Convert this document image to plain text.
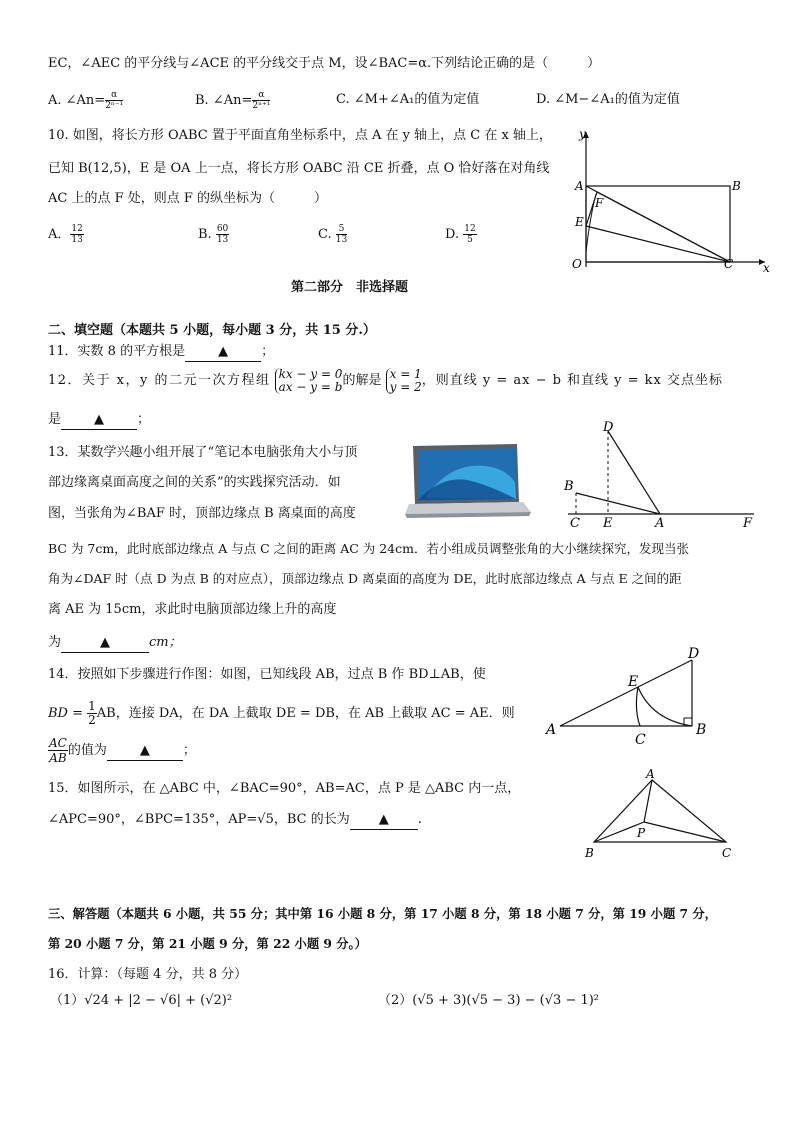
EC，∠AEC 的平分线与∠ACE 的平分线交于点 M，设∠BAC=α.下列结论正确的是（　　　）
A. ∠An= $\frac{\alpha}{\text{2ⁿ⁻¹}}$	B. ∠An= $\frac{\alpha}{\text{2ⁿ⁺¹}}$	C. ∠M+∠A₁的值为定值	D. ∠M−∠A₁的值为定值
10. 如图，将长方形 OABC 置于平面直角坐标系中，点 A 在 y 轴上，点 C 在 x 轴上，
已知 B(12,5)，E 是 OA 上一点，将长方形 OABC 沿 CE 折叠，点 O 恰好落在对角线
AC 上的点 F 处，则点 F 的纵坐标为（　　　）
A． $\frac{12}{13}$	B. $\frac{60}{13}$	C. $\frac{5}{13}$	D. $\frac{12}{5}$
y
x
A	B
E
F
O	C
第二部分　非选择题
二、填空题（本题共 5 小题，每小题 3 分，共 15 分.）
11．实数 8 的平方根是	▲	；
12．关于 x，y 的二元一次方程组 kx − y = 0
ax − y = b 的解是 x = 1
y = 2 ，则直线 y = ax − b 和直线 y = kx 交点坐标
是	▲	；
13．某数学兴趣小组开展了“笔记本电脑张角大小与顶
部边缘离桌面高度之间的关系”的实践探究活动．如
图，当张角为∠BAF 时，顶部边缘点 B 离桌面的高度
BC 为 7cm，此时底部边缘点 A 与点 C 之间的距离 AC 为 24cm．若小组成员调整张角的大小继续探究，发现当张
角为∠DAF 时（点 D 为点 B 的对应点），顶部边缘点 D 离桌面的高度为 DE，此时底部边缘点 A 与点 E 之间的距
离 AE 为 15cm，求此时电脑顶部边缘上升的高度
为	▲	cm；
D
B
C E	A	F
14．按照如下步骤进行作图：如图，已知线段 AB，过点 B 作 BD⊥AB，使
BD = $\frac{1}{2}$ AB，连接 DA，在 DA 上截取 DE = DB，在 AB 上截取 AC = AE．则
$\frac{AC}{AB}$ 的值为	▲	；
D
E
A
C
B
15．如图所示，在 △ABC 中，∠BAC=90°，AB=AC，点 P 是 △ABC 内一点，
∠APC=90°，∠BPC=135°，AP=√5，BC 的长为 ▲ .
A
P
B	C
三、解答题（本题共 6 小题，共 55 分；其中第 16 小题 8 分，第 17 小题 8 分，第 18 小题 7 分，第 19 小题 7 分，
第 20 小题 7 分，第 21 小题 9 分，第 22 小题 9 分。）
16．计算：（每题 4 分，共 8 分）
（1）√24 + |2 − √6| + (√2)²	（2）(√5 + 3)(√5 − 3) − (√3 − 1)²
